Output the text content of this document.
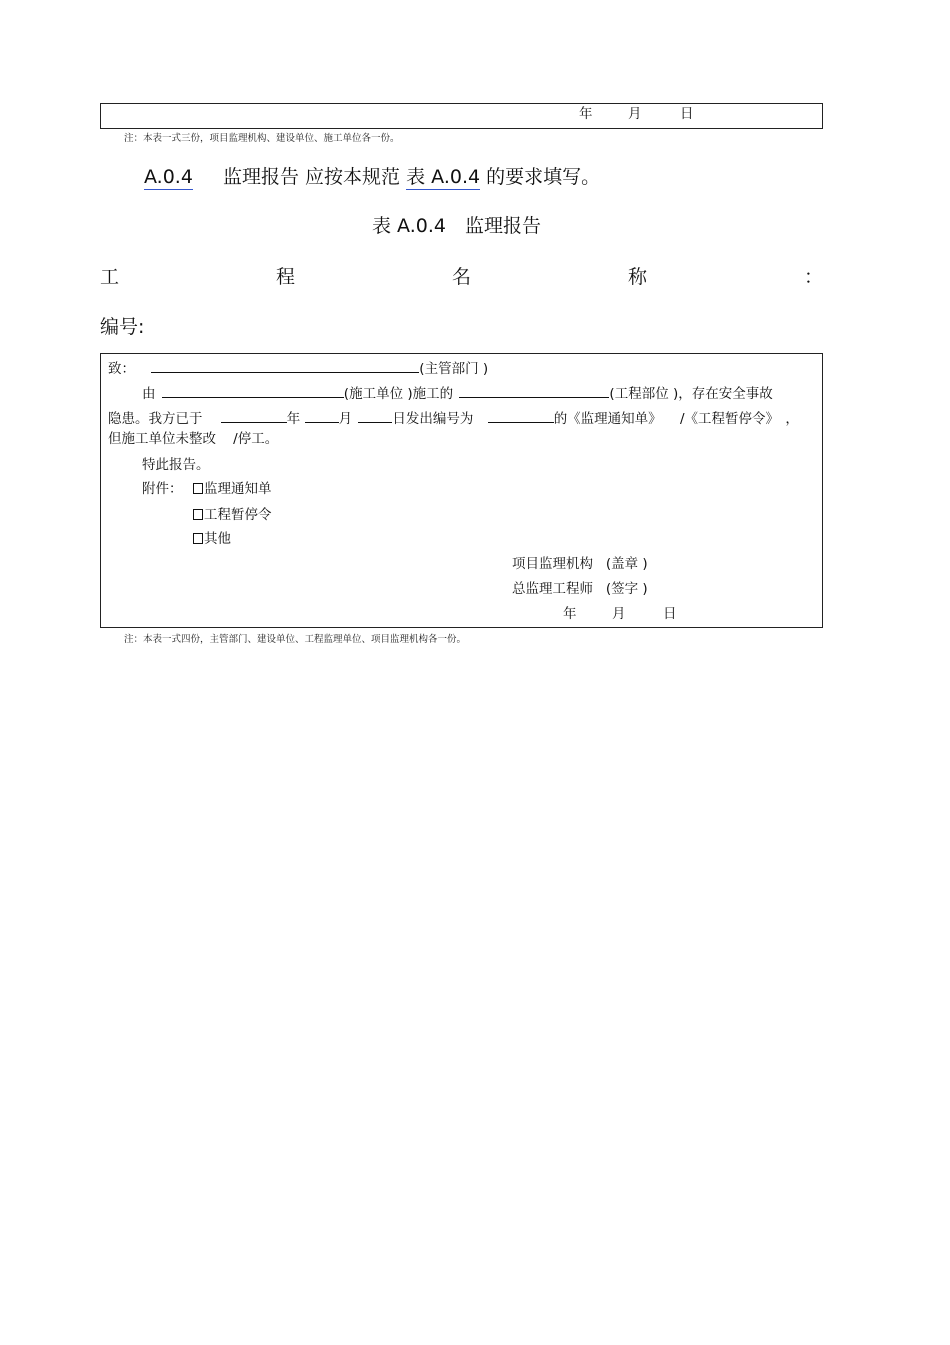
年	月	日
注：本表一式三份，项目监理机构、建设单位、施工单位各一份。
A.0.4 监理报告 应按本规范 表 A.0.4 的要求填写。
表 A.0.4　监理报告
工	程	名	称	：
编号:
致：	(主管部门 )
由	(施工单位 )施工的	(工程部位 )，存在安全事故
隐患。我方已于	年	月	日发出编号为	的《监理通知单》 /《工程暂停令》 ，
但施工单位未整改    /停工。
特此报告。
附件：	监理通知单
工程暂停令
其他
项目监理机构   (盖章 )
总监理工程师   (签字 )
年	月	日
注：本表一式四份，主管部门、建设单位、工程监理单位、项目监理机构各一份。
